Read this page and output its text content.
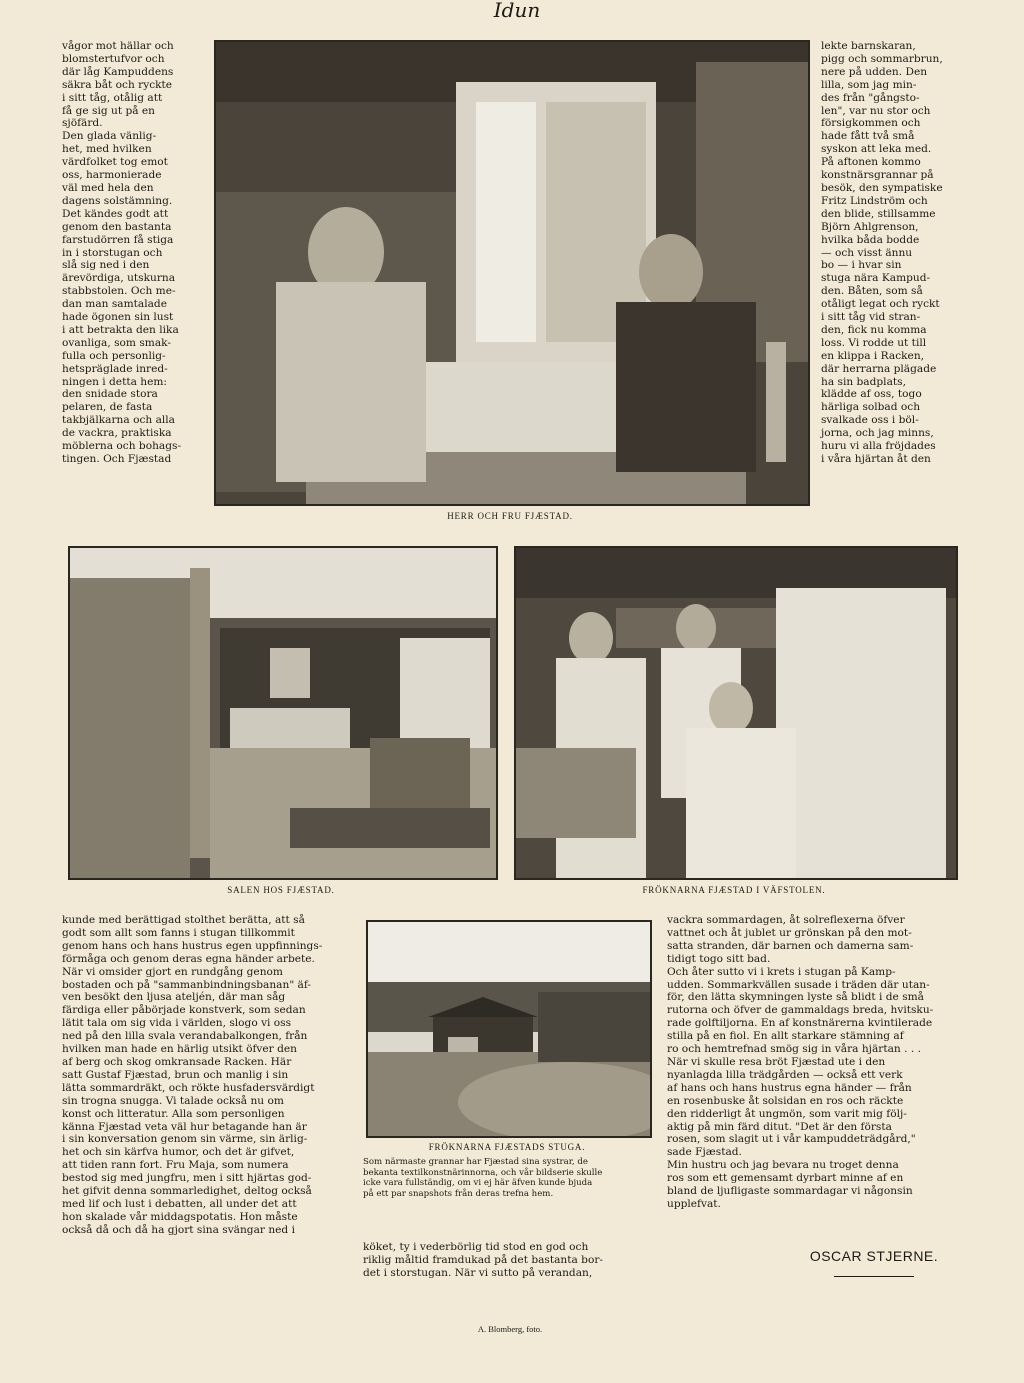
Idun

vågor mot hällar och
blomstertufvor och
där låg Kampuddens
säkra båt och ryckte
i sitt tåg, otålig att
få ge sig ut på en
sjöfärd.
Den glada vänlig-
het, med hvilken
värdfolket tog emot
oss, harmonierade
väl med hela den
dagens solstämning.
Det kändes godt att
genom den bastanta
farstudörren få stiga
in i storstugan och
slå sig ned i den
ärevördiga, utskurna
stabbstolen. Och me-
dan man samtalade
hade ögonen sin lust
i att betrakta den lika
ovanliga, som smak-
fulla och personlig-
hetspräglade inred-
ningen i detta hem:
den snidade stora
pelaren, de fasta
takbjälkarna och alla
de vackra, praktiska
möblerna och bohags-
tingen. Och Fjæstad

HERR OCH FRU FJÆSTAD.

lekte barnskaran,
pigg och sommarbrun,
nere på udden. Den
lilla, som jag min-
des från "gångsto-
len", var nu stor och
försigkommen och
hade fått två små
syskon att leka med.
På aftonen kommo
konstnärsgrannar på
besök, den sympatiske
Fritz Lindström och
den blide, stillsamme
Björn Ahlgrenson,
hvilka båda bodde
— och visst ännu
bo — i hvar sin
stuga nära Kampud-
den. Båten, som så
otåligt legat och ryckt
i sitt tåg vid stran-
den, fick nu komma
loss. Vi rodde ut till
en klippa i Racken,
där herrarna plägade
ha sin badplats,
klädde af oss, togo
härliga solbad och
svalkade oss i böl-
jorna, och jag minns,
huru vi alla fröjdades
i våra hjärtan åt den

SALEN HOS FJÆSTAD.	FRÖKNARNA FJÆSTAD I VÄFSTOLEN.

kunde med berättigad stolthet berätta, att så
godt som allt som fanns i stugan tillkommit
genom hans och hans hustrus egen uppfinnings-
förmåga och genom deras egna händer arbete.
När vi omsider gjort en rundgång genom
bostaden och på "sammanbindningsbanan" äf-
ven besökt den ljusa ateljén, där man såg
färdiga eller påbörjade konstverk, som sedan
lätit tala om sig vida i världen, slogo vi oss
ned på den lilla svala verandabalkongen, från
hvilken man hade en härlig utsikt öfver den
af berg och skog omkransade Racken. Här
satt Gustaf Fjæstad, brun och manlig i sin
lätta sommardräkt, och rökte husfadersvärdigt
sin trogna snugga. Vi talade också nu om
konst och litteratur. Alla som personligen
känna Fjæstad veta väl hur betagande han är
i sin konversation genom sin värme, sin ärlig-
het och sin kärfva humor, och det är gifvet,
att tiden rann fort. Fru Maja, som numera
bestod sig med jungfru, men i sitt hjärtas god-
het gifvit denna sommarledighet, deltog också
med lif och lust i debatten, all under det att
hon skalade vår middagspotatis. Hon måste
också då och då ha gjort sina svängar ned i

FRÖKNARNA FJÆSTADS STUGA.

Som närmaste grannar har Fjæstad sina systrar, de
bekanta textilkonstnärinnorna, och vår bildserie skulle
icke vara fullständig, om vi ej här äfven kunde bjuda
på ett par snapshots från deras trefna hem.

köket, ty i vederbörlig tid stod en god och
riklig måltid framdukad på det bastanta bor-
det i storstugan. När vi sutto på verandan,

vackra sommardagen, åt solreflexerna öfver
vattnet och åt jublet ur grönskan på den mot-
satta stranden, där barnen och damerna sam-
tidigt togo sitt bad.
Och åter sutto vi i krets i stugan på Kamp-
udden. Sommarkvällen susade i träden där utan-
för, den lätta skymningen lyste så blidt i de små
rutorna och öfver de gammaldags breda, hvitsku-
rade golftiljorna. En af konstnärerna kvintilerade
stilla på en fiol. En allt starkare stämning af
ro och hemtrefnad smög sig in våra hjärtan . . .
När vi skulle resa bröt Fjæstad ute i den
nyanlagda lilla trädgården — också ett verk
af hans och hans hustrus egna händer — från
en rosenbuske åt solsidan en ros och räckte
den ridderligt åt ungmön, som varit mig följ-
aktig på min färd ditut. "Det är den första
rosen, som slagit ut i vår kampuddeträdgård,"
sade Fjæstad.
Min hustru och jag bevara nu troget denna
ros som ett gemensamt dyrbart minne af en
bland de ljufligaste sommardagar vi någonsin
upplefvat.

OSCAR STJERNE.

A. Blomberg, foto.
